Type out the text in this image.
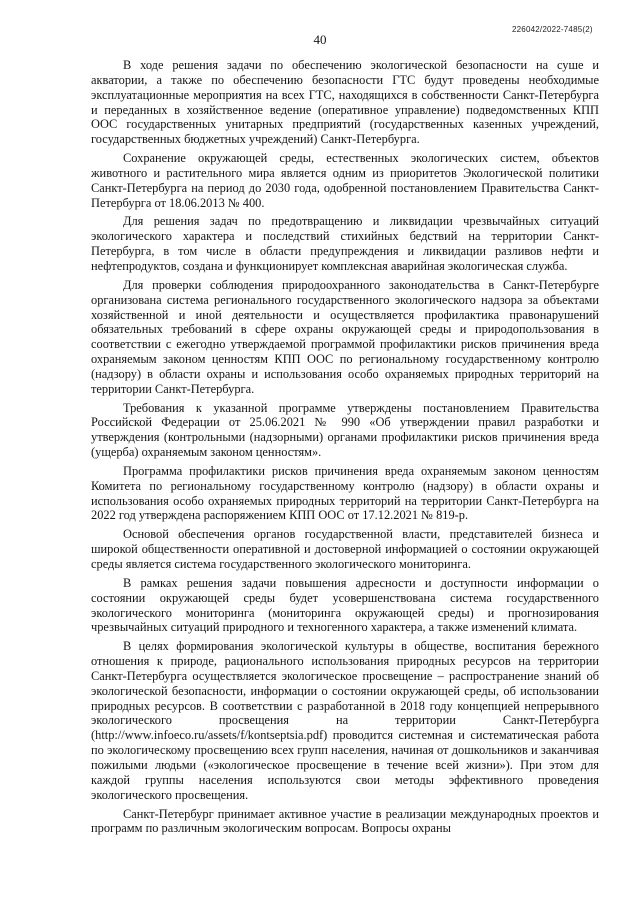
40
226042/2022-7485(2)

В ходе решения задачи по обеспечению экологической безопасности на суше и акватории, а также по обеспечению безопасности ГТС будут проведены необходимые эксплуатационные мероприятия на всех ГТС, находящихся в собственности Санкт-Петербурга и переданных в хозяйственное ведение (оперативное управление) подведомственных КПП ООС государственных унитарных предприятий (государственных казенных учреждений, государственных бюджетных учреждений) Санкт-Петербурга.

Сохранение окружающей среды, естественных экологических систем, объектов животного и растительного мира является одним из приоритетов Экологической политики Санкт-Петербурга на период до 2030 года, одобренной постановлением Правительства Санкт-Петербурга от 18.06.2013 № 400.

Для решения задач по предотвращению и ликвидации чрезвычайных ситуаций экологического характера и последствий стихийных бедствий на территории Санкт-Петербурга, в том числе в области предупреждения и ликвидации разливов нефти и нефтепродуктов, создана и функционирует комплексная аварийная экологическая служба.

Для проверки соблюдения природоохранного законодательства в Санкт-Петербурге организована система регионального государственного экологического надзора за объектами хозяйственной и иной деятельности и осуществляется профилактика правонарушений обязательных требований в сфере охраны окружающей среды и природопользования в соответствии с ежегодно утверждаемой программой профилактики рисков причинения вреда охраняемым законом ценностям КПП ООС по региональному государственному контролю (надзору) в области охраны и использования особо охраняемых природных территорий на территории Санкт-Петербурга.

Требования к указанной программе утверждены постановлением Правительства Российской Федерации от 25.06.2021 № 990 «Об утверждении правил разработки и утверждения (контрольными (надзорными) органами профилактики рисков причинения вреда (ущерба) охраняемым законом ценностям».

Программа профилактики рисков причинения вреда охраняемым законом ценностям Комитета по региональному государственному контролю (надзору) в области охраны и использования особо охраняемых природных территорий на территории Санкт-Петербурга на 2022 год утверждена распоряжением КПП ООС от 17.12.2021 № 819-р.

Основой обеспечения органов государственной власти, представителей бизнеса и широкой общественности оперативной и достоверной информацией о состоянии окружающей среды является система государственного экологического мониторинга.

В рамках решения задачи повышения адресности и доступности информации о состоянии окружающей среды будет усовершенствована система государственного экологического мониторинга (мониторинга окружающей среды) и прогнозирования чрезвычайных ситуаций природного и техногенного характера, а также изменений климата.

В целях формирования экологической культуры в обществе, воспитания бережного отношения к природе, рационального использования природных ресурсов на территории Санкт-Петербурга осуществляется экологическое просвещение – распространение знаний об экологической безопасности, информации о состоянии окружающей среды, об использовании природных ресурсов. В соответствии с разработанной в 2018 году концепцией непрерывного экологического просвещения на территории Санкт-Петербурга (http://www.infoeco.ru/assets/f/kontseptsia.pdf) проводится системная и систематическая работа по экологическому просвещению всех групп населения, начиная от дошкольников и заканчивая пожилыми людьми («экологическое просвещение в течение всей жизни»). При этом для каждой группы населения используются свои методы эффективного проведения экологического просвещения.

Санкт-Петербург принимает активное участие в реализации международных проектов и программ по различным экологическим вопросам. Вопросы охраны
